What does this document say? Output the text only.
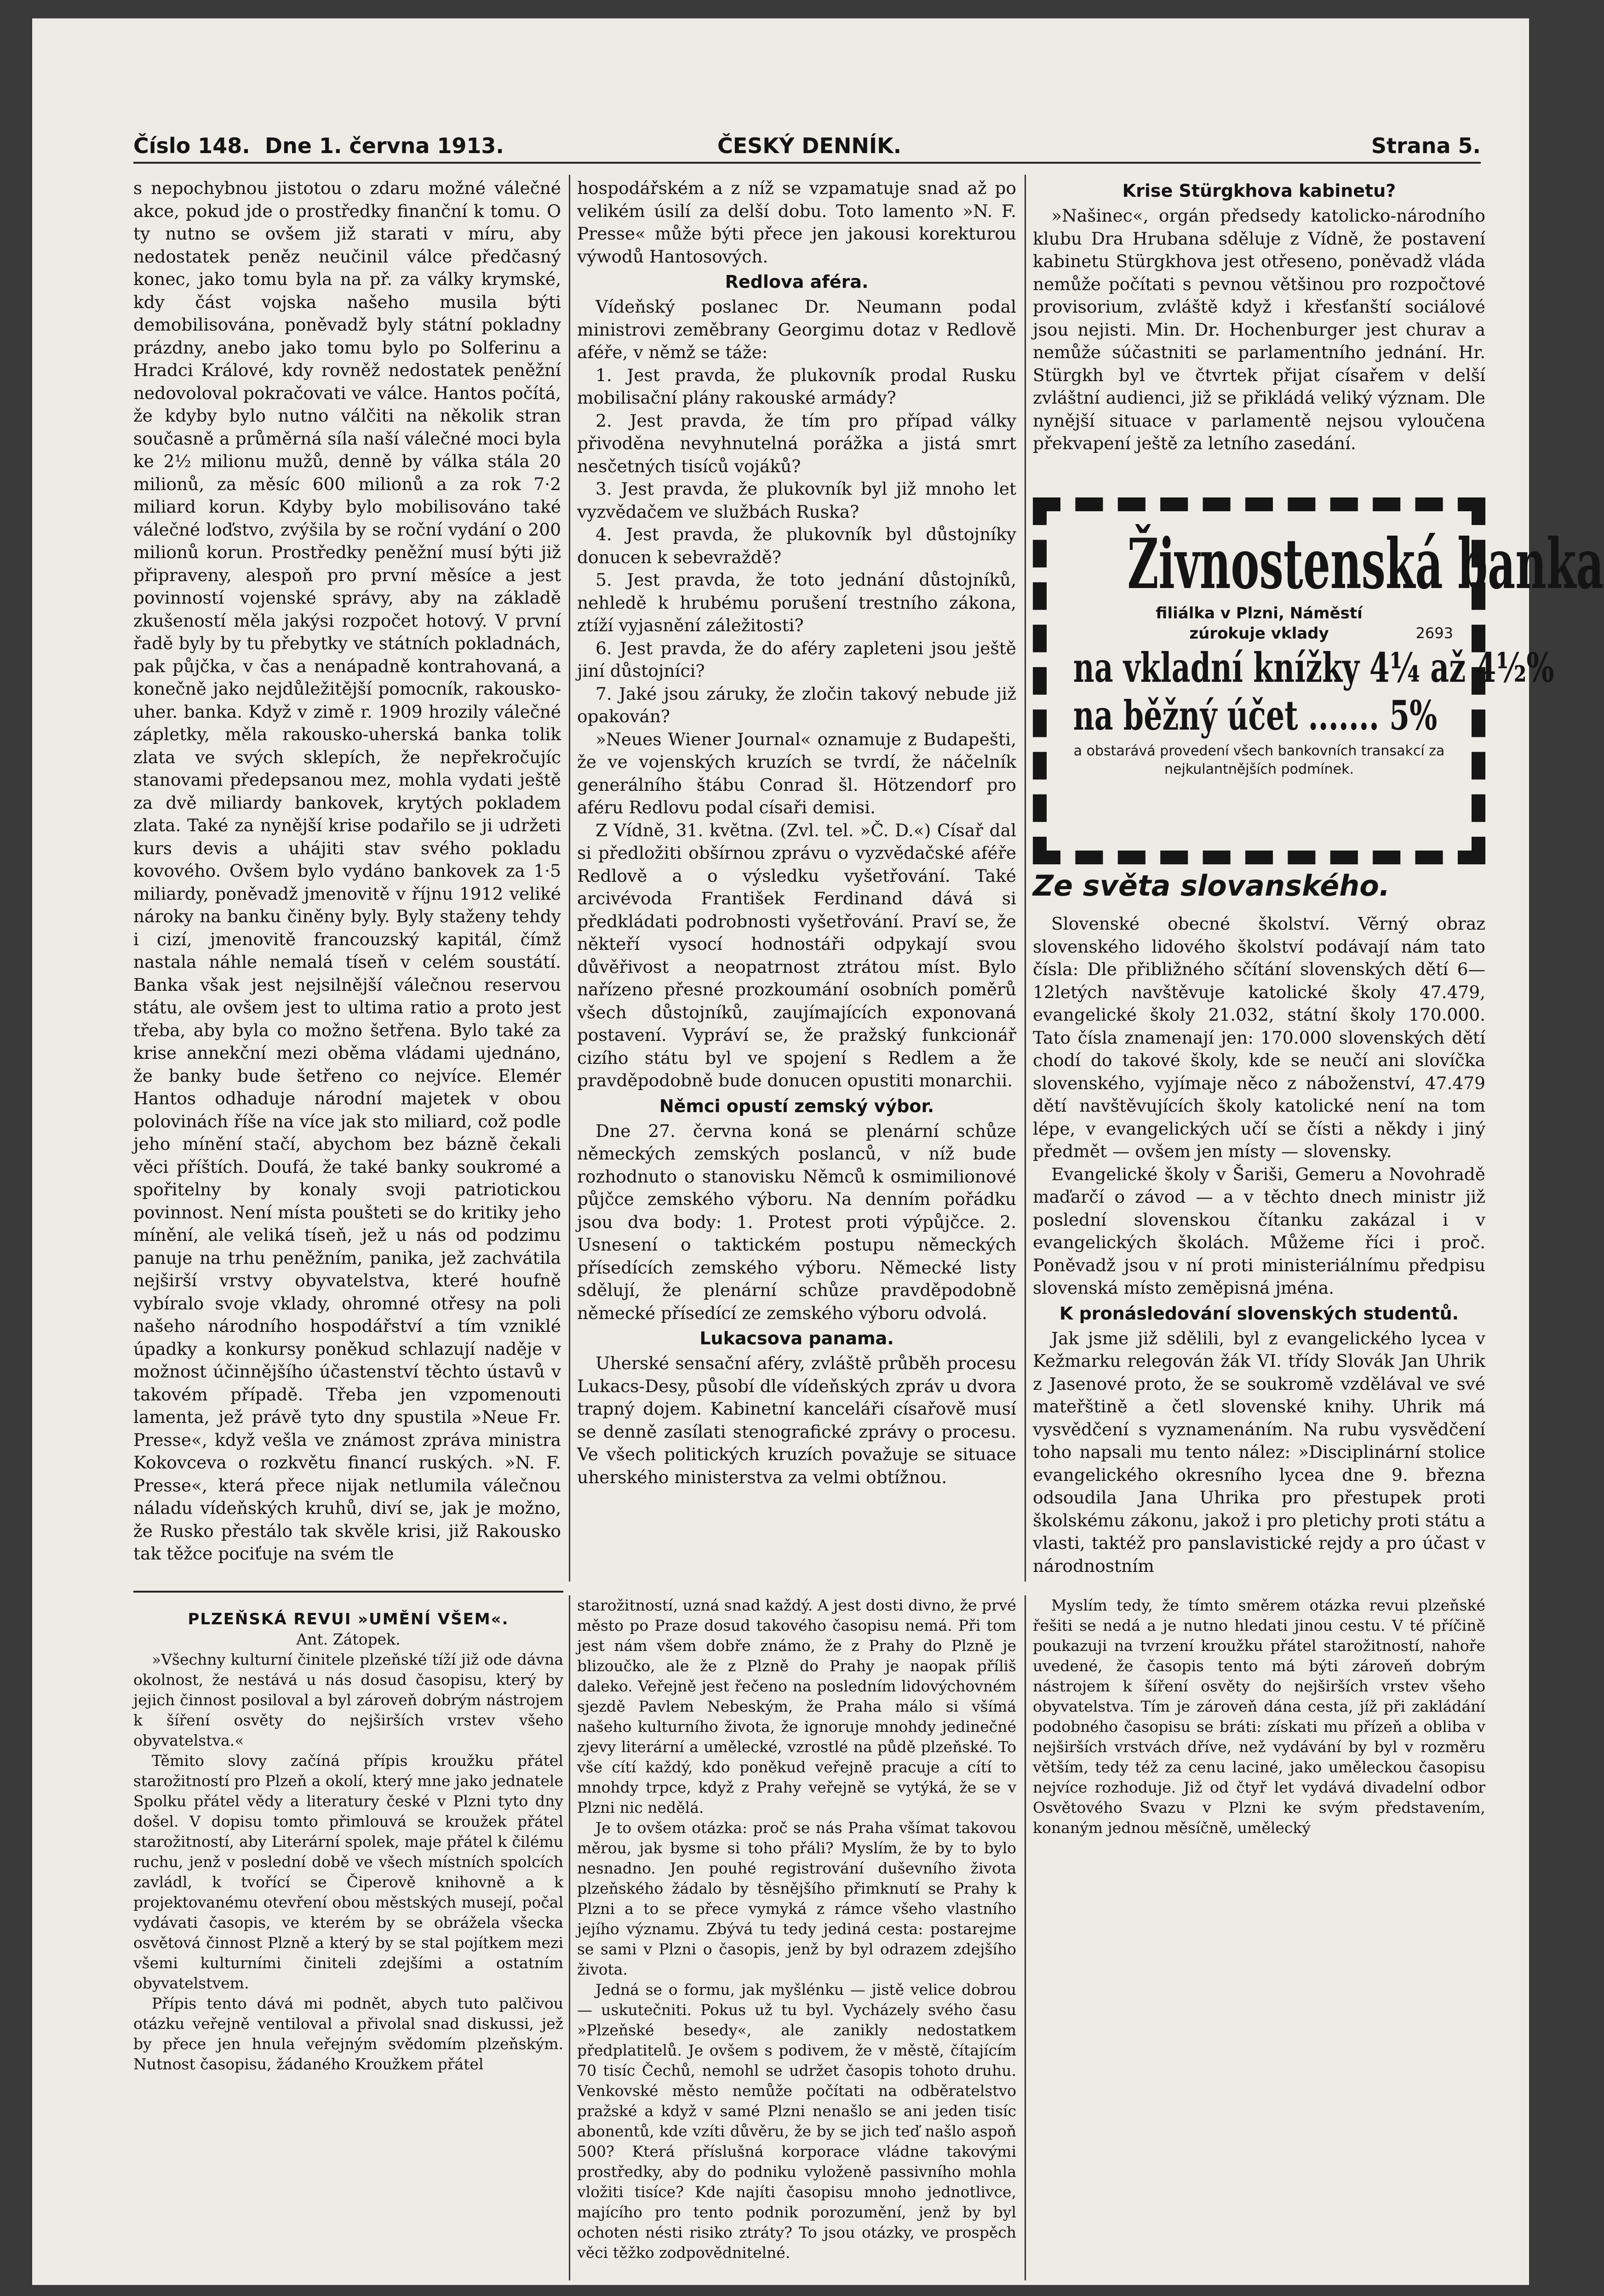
Číslo 148. Dne 1. června 1913.	ČESKÝ DENNÍK.	Strana 5.

s nepochybnou jistotou o zdaru možné válečné akce, pokud jde o prostředky finanční k tomu. O ty nutno se ovšem již starati v míru, aby nedostatek peněz neučinil válce předčasný konec, jako tomu byla na př. za války krymské, kdy část vojska našeho musila býti demobilisována, poněvadž byly státní pokladny prázdny, anebo jako tomu bylo po Solferinu a Hradci Králové, kdy rovněž nedostatek peněžní nedovoloval pokračovati ve válce. Hantos počítá, že kdyby bylo nutno válčiti na několik stran současně a průměrná síla naší válečné moci byla ke 2½ milionu mužů, denně by válka stála 20 milionů, za měsíc 600 milionů a za rok 7·2 miliard korun. Kdyby bylo mobilisováno také válečné loďstvo, zvýšila by se roční vydání o 200 milionů korun. Prostředky peněžní musí býti již připraveny, alespoň pro první měsíce a jest povinností vojenské správy, aby na základě zkušeností měla jakýsi rozpočet hotový. V první řadě byly by tu přebytky ve státních pokladnách, pak půjčka, v čas a nenápadně kontrahovaná, a konečně jako nejdůležitější pomocník, rakousko-uher. banka. Když v zimě r. 1909 hrozily válečné zápletky, měla rakousko-uherská banka tolik zlata ve svých sklepích, že nepřekročujíc stanovami předepsanou mez, mohla vydati ještě za dvě miliardy bankovek, krytých pokladem zlata. Také za nynější krise podařilo se ji udržeti kurs devis a uhájiti stav svého pokladu kovového. Ovšem bylo vydáno bankovek za 1·5 miliardy, poněvadž jmenovitě v říjnu 1912 veliké nároky na banku činěny byly. Byly staženy tehdy i cizí, jmenovitě francouzský kapitál, čímž nastala náhle nemalá tíseň v celém soustátí. Banka však jest nejsilnější válečnou reservou státu, ale ovšem jest to ultima ratio a proto jest třeba, aby byla co možno šetřena. Bylo také za krise annekční mezi oběma vládami ujednáno, že banky bude šetřeno co nejvíce. Elemér Hantos odhaduje národní majetek v obou polovinách říše na více jak sto miliard, což podle jeho mínění stačí, abychom bez bázně čekali věci příštích. Doufá, že také banky soukromé a spořitelny by konaly svoji patriotickou povinnost. Není místa poušteti se do kritiky jeho mínění, ale veliká tíseň, jež u nás od podzimu panuje na trhu peněžním, panika, jež zachvátila nejširší vrstvy obyvatelstva, které houfně vybíralo svoje vklady, ohromné otřesy na poli našeho národního hospodářství a tím vzniklé úpadky a konkursy poněkud schlazují naděje v možnost účinnějšího účastenství těchto ústavů v takovém případě. Třeba jen vzpomenouti lamenta, jež právě tyto dny spustila »Neue Fr. Presse«, když vešla ve známost zpráva ministra Kokovceva o rozkvětu financí ruských. »N. F. Presse«, která přece nijak netlumila válečnou náladu vídeňských kruhů, diví se, jak je možno, že Rusko přestálo tak skvěle krisi, již Rakousko tak těžce pociťuje na svém tle

hospodářském a z níž se vzpamatuje snad až po velikém úsilí za delší dobu. Toto lamento »N. F. Presse« může býti přece jen jakousi korekturou výwodů Hantosových.

Redlova aféra.

Vídeňský poslanec Dr. Neumann podal ministrovi zeměbrany Georgimu dotaz v Redlově aféře, v němž se táže:

1. Jest pravda, že plukovník prodal Rusku mobilisační plány rakouské armády?

2. Jest pravda, že tím pro případ války přivoděna nevyhnutelná porážka a jistá smrt nesčetných tisíců vojáků?

3. Jest pravda, že plukovník byl již mnoho let vyzvědačem ve službách Ruska?

4. Jest pravda, že plukovník byl důstojníky donucen k sebevraždě?

5. Jest pravda, že toto jednání důstojníků, nehledě k hrubému porušení trestního zákona, ztíží vyjasnění záležitosti?

6. Jest pravda, že do aféry zapleteni jsou ještě jiní důstojníci?

7. Jaké jsou záruky, že zločin takový nebude již opakován?

»Neues Wiener Journal« oznamuje z Budapešti, že ve vojenských kruzích se tvrdí, že náčelník generálního štábu Conrad šl. Hötzendorf pro aféru Redlovu podal císaři demisi.

Z Vídně, 31. května. (Zvl. tel. »Č. D.«) Císař dal si předložiti obšírnou zprávu o vyzvědačské aféře Redlově a o výsledku vyšetřování. Také arcivévoda František Ferdinand dává si předkládati podrobnosti vyšetřování. Praví se, že někteří vysocí hodnostáři odpykají svou důvěřivost a neopatrnost ztrátou míst. Bylo nařízeno přesné prozkoumání osobních poměrů všech důstojníků, zaujímajících exponovaná postavení. Vypráví se, že pražský funkcionář cizího státu byl ve spojení s Redlem a že pravděpodobně bude donucen opustiti monarchii.

Němci opustí zemský výbor.

Dne 27. června koná se plenární schůze německých zemských poslanců, v níž bude rozhodnuto o stanovisku Němců k osmimilionové půjčce zemského výboru. Na denním pořádku jsou dva body: 1. Protest proti výpůjčce. 2. Usnesení o taktickém postupu německých přísedících zemského výboru. Německé listy sdělují, že plenární schůze pravděpodobně německé přísedící ze zemského výboru odvolá.

Lukacsova panama.

Uherské sensační aféry, zvláště průběh procesu Lukacs-Desy, působí dle vídeňských zpráv u dvora trapný dojem. Kabinetní kanceláři císařově musí se denně zasílati stenografické zprávy o procesu. Ve všech politických kruzích považuje se situace uherského ministerstva za velmi obtížnou.

Krise Stürgkhova kabinetu?

»Našinec«, orgán předsedy katolicko-národního klubu Dra Hrubana sděluje z Vídně, že postavení kabinetu Stürgkhova jest otřeseno, poněvadž vláda nemůže počítati s pevnou většinou pro rozpočtové provisorium, zvláště když i křesťanští sociálové jsou nejisti. Min. Dr. Hochenburger jest churav a nemůže súčastniti se parlamentního jednání. Hr. Stürgkh byl ve čtvrtek přijat císařem v delší zvláštní audienci, již se přikládá veliký význam. Dle nynější situace v parlamentě nejsou vyloučena překvapení ještě za letního zasedání.

Živnostenská banka
filiálka v Plzni, Náměstí
zúrokuje vklady	2693
na vkladní knížky 4¼ až 4½%
na běžný účet ....... 5%
a obstarává provedení všech bankovních transakcí za nejkulantnějších podmínek.
Ze světa slovanského.

Slovenské obecné školství. Věrný obraz slovenského lidového školství podávají nám tato čísla: Dle přibližného sčítání slovenských dětí 6—12letých navštěvuje katolické školy 47.479, evangelické školy 21.032, státní školy 170.000. Tato čísla znamenají jen: 170.000 slovenských dětí chodí do takové školy, kde se neučí ani slovíčka slovenského, vyjímaje něco z náboženství, 47.479 dětí navštěvujících školy katolické není na tom lépe, v evangelických učí se čísti a někdy i jiný předmět — ovšem jen místy — slovensky.

Evangelické školy v Šariši, Gemeru a Novohradě maďarčí o závod — a v těchto dnech ministr již poslední slovenskou čítanku zakázal i v evangelických školách. Můžeme říci i proč. Poněvadž jsou v ní proti ministeriálnímu předpisu slovenská místo zeměpisná jména.

K pronásledování slovenských studentů.

Jak jsme již sdělili, byl z evangelického lycea v Kežmarku relegován žák VI. třídy Slovák Jan Uhrik z Jasenové proto, že se soukromě vzdělával ve své mateřštině a četl slovenské knihy. Uhrik má vysvědčení s vyznamenáním. Na rubu vysvědčení toho napsali mu tento nález: »Disciplinární stolice evangelického okresního lycea dne 9. března odsoudila Jana Uhrika pro přestupek proti školskému zákonu, jakož i pro pletichy proti státu a vlasti, taktéž pro panslavistické rejdy a pro účast v národnostním

PLZEŇSKÁ REVUI »UMĚNÍ VŠEM«.
Ant. Zátopek.

»Všechny kulturní činitele plzeňské tíží již ode dávna okolnost, že nestává u nás dosud časopisu, který by jejich činnost posiloval a byl zároveň dobrým nástrojem k šíření osvěty do nejširších vrstev všeho obyvatelstva.«

Těmito slovy začíná přípis kroužku přátel starožitností pro Plzeň a okolí, který mne jako jednatele Spolku přátel vědy a literatury české v Plzni tyto dny došel. V dopisu tomto přimlouvá se kroužek přátel starožitností, aby Literární spolek, maje přátel k čilému ruchu, jenž v poslední době ve všech místních spolcích zavládl, k tvořící se Čiperově knihovně a k projektovanému otevření obou městských musejí, počal vydávati časopis, ve kterém by se obrážela všecka osvětová činnost Plzně a který by se stal pojítkem mezi všemi kulturními činiteli zdejšími a ostatním obyvatelstvem.

Přípis tento dává mi podnět, abych tuto palčivou otázku veřejně ventiloval a přivolal snad diskussi, jež by přece jen hnula veřejným svědomím plzeňským. Nutnost časopisu, žádaného Kroužkem přátel

starožitností, uzná snad každý. A jest dosti divno, že prvé město po Praze dosud takového časopisu nemá. Při tom jest nám všem dobře známo, že z Prahy do Plzně je blizoučko, ale že z Plzně do Prahy je naopak příliš daleko. Veřejně jest řečeno na posledním lidovýchovném sjezdě Pavlem Nebeským, že Praha málo si všímá našeho kulturního života, že ignoruje mnohdy jedinečné zjevy literární a umělecké, vzrostlé na půdě plzeňské. To vše cítí každý, kdo poněkud veřejně pracuje a cítí to mnohdy trpce, když z Prahy veřejně se vytýká, že se v Plzni nic nedělá.

Je to ovšem otázka: proč se nás Praha všímat takovou měrou, jak bysme si toho přáli? Myslím, že by to bylo nesnadno. Jen pouhé registrování duševního života plzeňského žádalo by těsnějšího přimknutí se Prahy k Plzni a to se přece vymyká z rámce všeho vlastního jejího významu. Zbývá tu tedy jediná cesta: postarejme se sami v Plzni o časopis, jenž by byl odrazem zdejšího života.

Jedná se o formu, jak myšlénku — jistě velice dobrou — uskutečniti. Pokus už tu byl. Vycházely svého času »Plzeňské besedy«, ale zanikly nedostatkem předplatitelů. Je ovšem s podivem, že v městě, čítajícím 70 tisíc Čechů, nemohl se udržet časopis tohoto druhu. Venkovské město nemůže počítati na odběratelstvo pražské a když v samé Plzni nenašlo se ani jeden tisíc abonentů, kde vzíti důvěru, že by se jich teď našlo aspoň 500? Která příslušná korporace vládne takovými prostředky, aby do podniku vyloženě passivního mohla vložiti tisíce? Kde najíti časopisu mnoho jednotlivce, majícího pro tento podnik porozumění, jenž by byl ochoten nésti risiko ztráty? To jsou otázky, ve prospěch věci těžko zodpovědnitelné.

Myslím tedy, že tímto směrem otázka revui plzeňské řešiti se nedá a je nutno hledati jinou cestu. V té příčině poukazuji na tvrzení kroužku přátel starožitností, nahoře uvedené, že časopis tento má býti zároveň dobrým nástrojem k šíření osvěty do nejširších vrstev všeho obyvatelstva. Tím je zároveň dána cesta, jíž při zakládání podobného časopisu se bráti: získati mu přízeň a obliba v nejširších vrstvách dříve, než vydávání by byl v rozměru větším, tedy též za cenu laciné, jako uměleckou časopisu nejvíce rozhoduje. Již od čtyř let vydává divadelní odbor Osvětového Svazu v Plzni ke svým představením, konaným jednou měsíčně, umělecký
